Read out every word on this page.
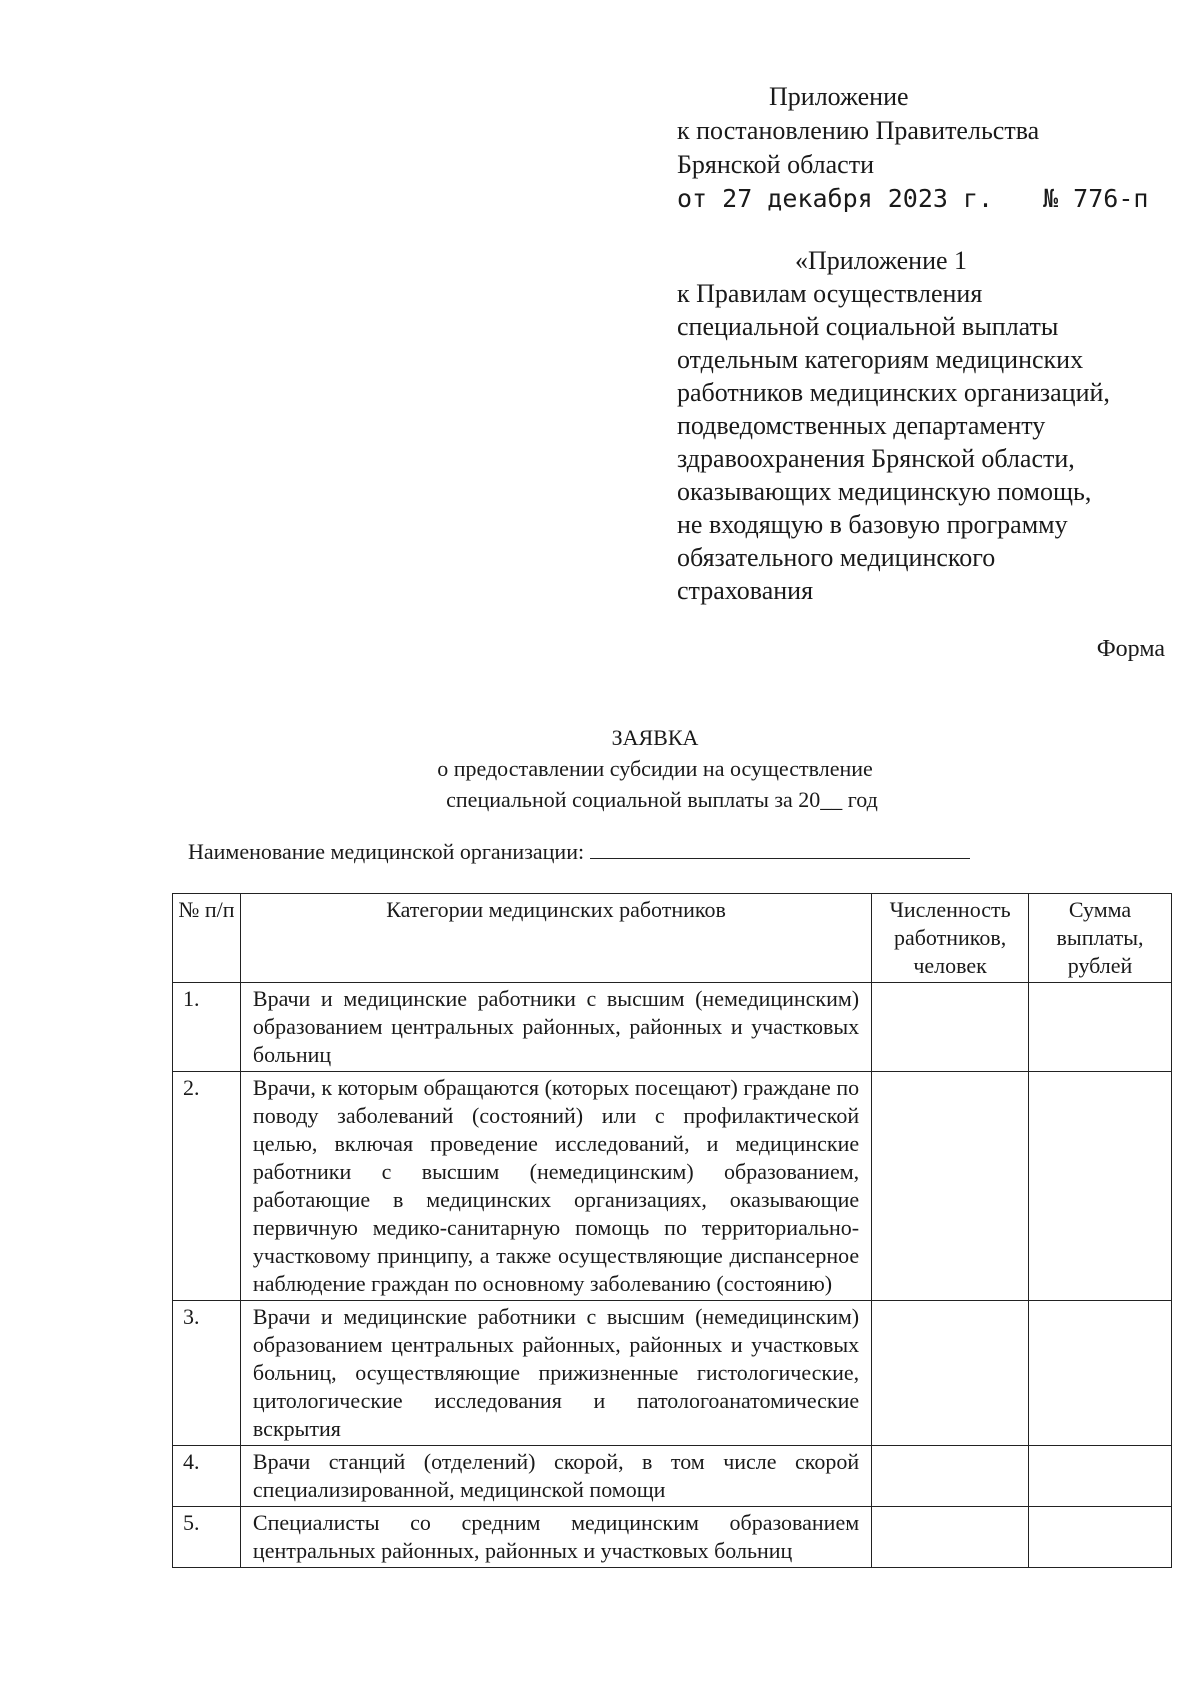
Приложение
к постановлению Правительства
Брянской области
от 27 декабря 2023 г. № 776-п
«Приложение 1
к Правилам осуществления
специальной социальной выплаты
отдельным категориям медицинских
работников медицинских организаций,
подведомственных департаменту
здравоохранения Брянской области,
оказывающих медицинскую помощь,
не входящую в базовую программу
обязательного медицинского
страхования
Форма
ЗАЯВКА
о предоставлении субсидии на осуществление
специальной социальной выплаты за 20__ год
Наименование медицинской организации:
№ п/п	Категории медицинских работников	Численность работников, человек	Сумма выплаты, рублей
1.	Врачи и медицинские работники с высшим (немедицинским) образованием центральных районных, районных и участковых больниц		
2.	Врачи, к которым обращаются (которых посещают) граждане по поводу заболеваний (состояний) или с профилактической целью, включая проведение исследований, и медицинские работники с высшим (немедицинским) образованием, работающие в медицинских организациях, оказывающие первичную медико-санитарную помощь по территориально-участковому принципу, а также осуществляющие диспансерное наблюдение граждан по основному заболеванию (состоянию)		
3.	Врачи и медицинские работники с высшим (немедицинским) образованием центральных районных, районных и участковых больниц, осуществляющие прижизненные гистологические, цитологические исследования и патологоанатомические вскрытия		
4.	Врачи станций (отделений) скорой, в том числе скорой специализированной, медицинской помощи		
5.	Специалисты со средним медицинским образованием центральных районных, районных и участковых больниц		
